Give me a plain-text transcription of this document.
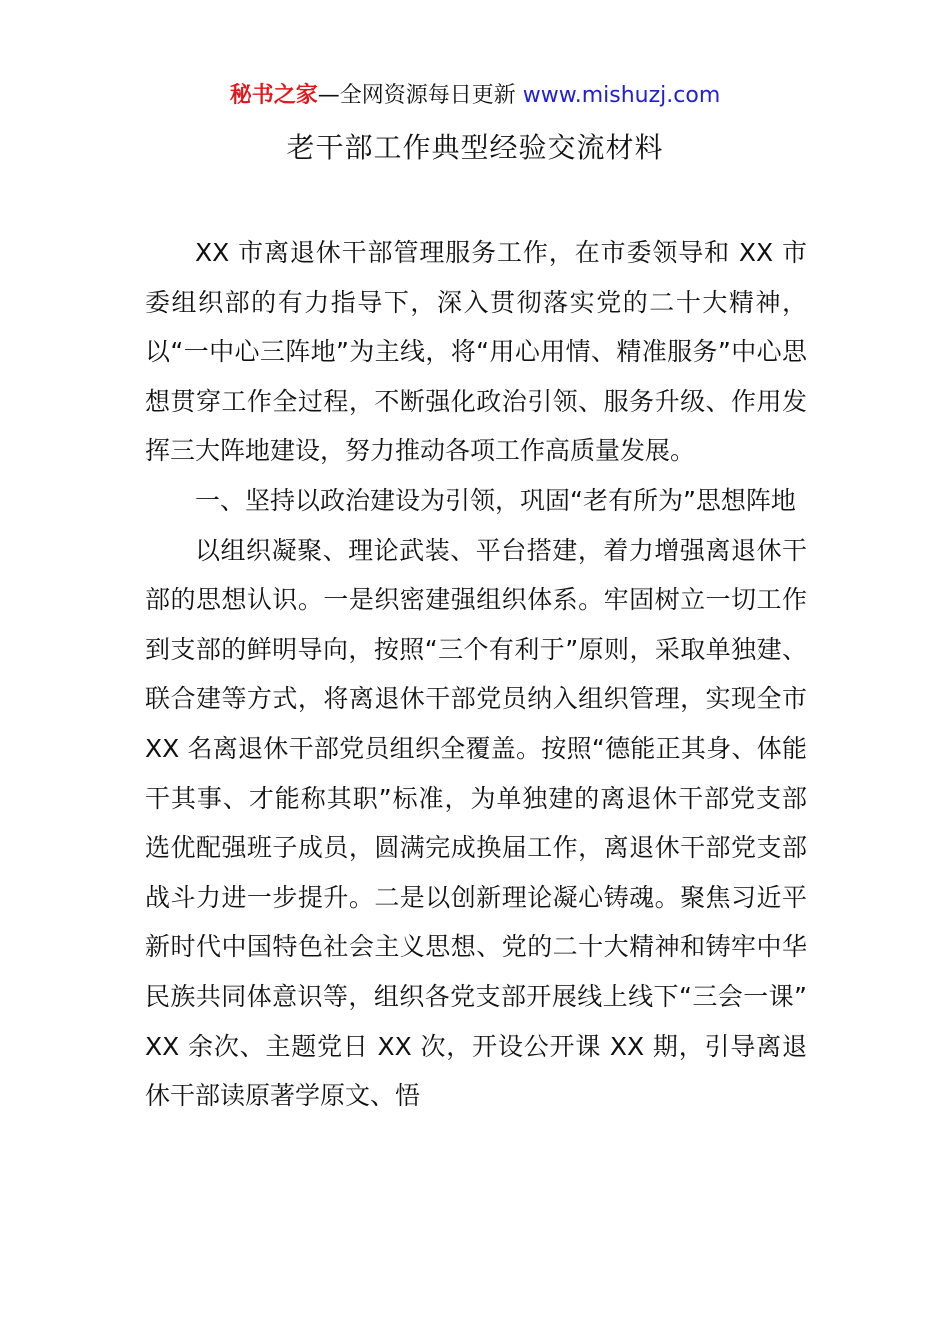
秘书之家—全网资源每日更新 www.mishuzj.com
老干部工作典型经验交流材料

XX 市离退休干部管理服务工作，在市委领导和 XX 市委组织部的有力指导下，深入贯彻落实党的二十大精神，以“一中心三阵地”为主线，将“用心用情、精准服务”中心思想贯穿工作全过程，不断强化政治引领、服务升级、作用发挥三大阵地建设，努力推动各项工作高质量发展。

一、坚持以政治建设为引领，巩固“老有所为”思想阵地

以组织凝聚、理论武装、平台搭建，着力增强离退休干部的思想认识。一是织密建强组织体系。牢固树立一切工作到支部的鲜明导向，按照“三个有利于”原则，采取单独建、联合建等方式，将离退休干部党员纳入组织管理，实现全市 XX 名离退休干部党员组织全覆盖。按照“德能正其身、体能干其事、才能称其职”标准，为单独建的离退休干部党支部选优配强班子成员，圆满完成换届工作，离退休干部党支部战斗力进一步提升。二是以创新理论凝心铸魂。聚焦习近平新时代中国特色社会主义思想、党的二十大精神和铸牢中华民族共同体意识等，组织各党支部开展线上线下“三会一课” XX 余次、主题党日 XX 次，开设公开课 XX 期，引导离退休干部读原著学原文、悟
